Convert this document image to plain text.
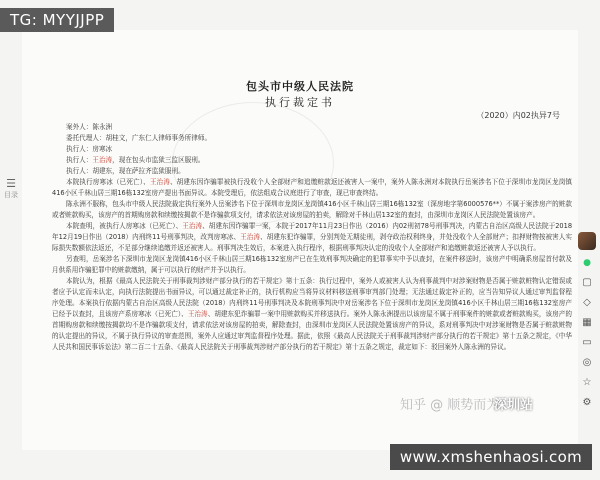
包头市中级人民法院
执行裁定书
（2020）内02执异7号

案外人：陈永洲

委托代理人：胡桂文，广东仁人律师事务所律师。

执行人：房寒冰

执行人：王治涛，现在包头市监狱三监区服刑。

执行人：胡建东，现在萨拉齐监狱服刑。

本院执行房寒冰（已死亡）、王治涛、胡建东因诈骗罪被执行没收个人全部财产和追缴赃款返还被害人一案中，案外人陈永洲对本院执行岳案涉名下位于深圳市龙岗区龙岗镇416小区千林山居三期16栋132室房产提出书面异议。本院受理后，依法组成合议庭进行了审查，现已审查终结。

陈永洲不服称，包头市中级人民法院裁定执行案外人岳案涉名下位于深圳市龙岗区龙岗镇416小区千林山居三期16栋132室（深房地字第6000576**）不属于案涉房产的赃款或者赃款购买，该房产的首期购房款和续缴按揭款不是诈骗款项支付，请求依法对该房屋的拍卖，解除对千林山居132室的查封，由深圳市龙岗区人民法院处置该房产。

本院查明，被执行人房寒冰（已死亡）、王治涛、胡建东因诈骗罪一案，本院于2017年11月23日作出（2016）内02刑初78号刑事判决，内蒙古自治区高级人民法院于2018年12月19日作出（2018）内刑终11号刑事判决，改判房寒冰、王治涛、胡建东犯诈骗罪，分别判处无期徒刑，剥夺政治权利终身，并处没收个人全部财产；扣押财物按被害人实际损失数额依法返还，不足部分继续追缴并返还被害人。刑事判决生效后，本案进入执行程序，根据刑事判决认定的没收个人全部财产和追缴赃款返还被害人予以执行。

另查明，岳案涉名下深圳市龙岗区龙岗镇416小区千林山居三期16栋132室房产已在生效刑事判决确定的犯罪事实中予以查封，在案件移送时，该房产中明确系房屋首付款及月供系用诈骗犯罪中的赃款缴纳，属于可以执行的财产并予以执行。

本院认为，根据《最高人民法院关于刑事裁判涉财产部分执行的若干规定》第十五条：执行过程中，案外人或被害人认为刑事裁判中对涉案财物是否属于赃款赃物认定错误或者应予认定而未认定，向执行法院提出书面异议，可以通过裁定补正的，执行机构应当将异议材料移送刑事审判部门处理；无法通过裁定补正的，应当告知异议人通过审判监督程序处理。本案执行依据内蒙古自治区高级人民法院（2018）内刑终11号刑事判决及本院刑事判决中对岳案涉名下位于深圳市龙岗区龙岗镇416小区千林山居三期16栋132室房产已经予以查封，且该房产系房寒冰（已死亡）、王治涛、胡建东犯诈骗罪一案中用赃款购买并移送执行。案外人陈永洲提出以该房屋不属于刑事案件的赃款或者赃款购买，该房产的首期购房款和续缴按揭款均不是诈骗款项支付，请求依法对该房屋的拍卖，解除查封，由深圳市龙岗区人民法院处置该房产的异议，系对刑事判决中对涉案财物是否属于赃款赃物的认定提出的异议，不属于执行异议的审查范围，案外人应通过审判监督程序处理。据此，依照《最高人民法院关于刑事裁判涉财产部分执行的若干规定》第十五条之规定，《中华人民共和国民事诉讼法》第二百二十五条、《最高人民法院关于刑事裁判涉财产部分执行的若干规定》第十五条之规定，裁定如下：驳回案外人陈永洲的异议。

TG: MYYJJPP
☰
目录
●
▢
◇
▦
▭
◎
☆
⚙
知乎 @ 顺势而为
深圳站
www.xmshenhaosi.com
